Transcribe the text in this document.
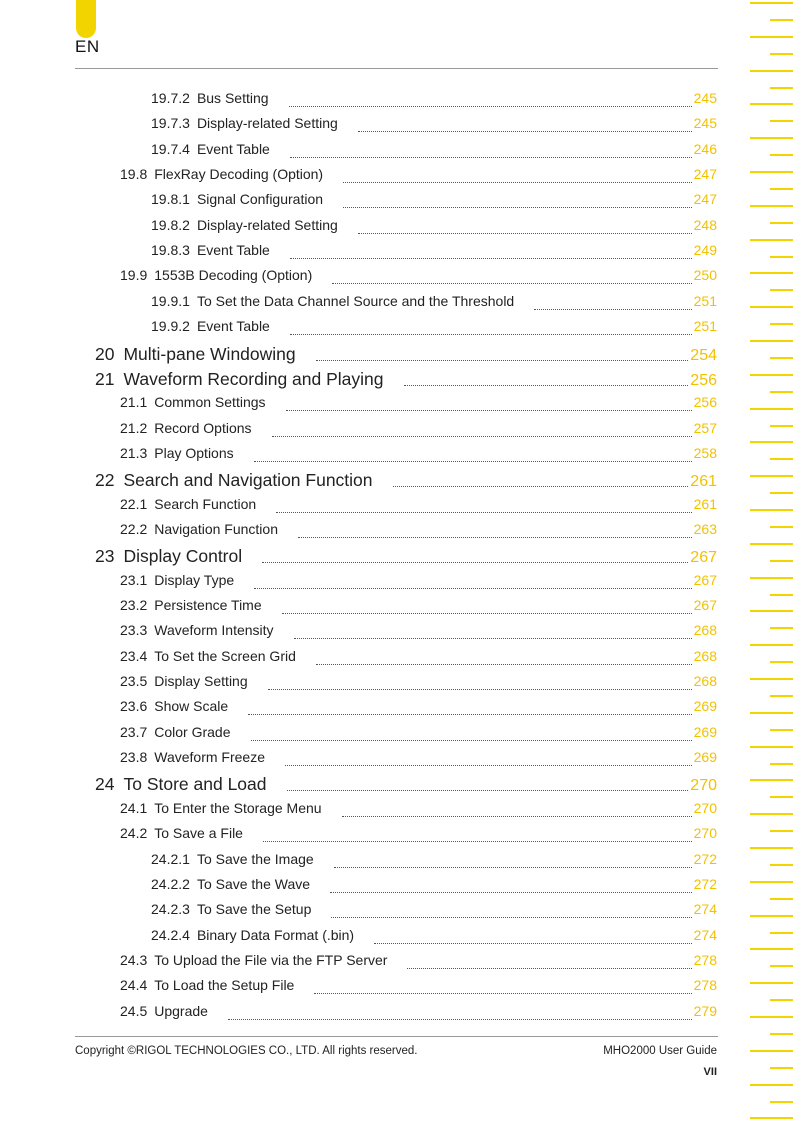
EN
19.7.2 Bus Setting	245
19.7.3 Display-related Setting	245
19.7.4 Event Table	246
19.8 FlexRay Decoding (Option)	247
19.8.1 Signal Configuration	247
19.8.2 Display-related Setting	248
19.8.3 Event Table	249
19.9 1553B Decoding (Option)	250
19.9.1 To Set the Data Channel Source and the Threshold	251
19.9.2 Event Table	251
20 Multi-pane Windowing	254
21 Waveform Recording and Playing	256
21.1 Common Settings	256
21.2 Record Options	257
21.3 Play Options	258
22 Search and Navigation Function	261
22.1 Search Function	261
22.2 Navigation Function	263
23 Display Control	267
23.1 Display Type	267
23.2 Persistence Time	267
23.3 Waveform Intensity	268
23.4 To Set the Screen Grid	268
23.5 Display Setting	268
23.6 Show Scale	269
23.7 Color Grade	269
23.8 Waveform Freeze	269
24 To Store and Load	270
24.1 To Enter the Storage Menu	270
24.2 To Save a File	270
24.2.1 To Save the Image	272
24.2.2 To Save the Wave	272
24.2.3 To Save the Setup	274
24.2.4 Binary Data Format (.bin)	274
24.3 To Upload the File via the FTP Server	278
24.4 To Load the Setup File	278
24.5 Upgrade	279
Copyright ©RIGOL TECHNOLOGIES CO., LTD. All rights reserved.	MHO2000 User Guide
VII
